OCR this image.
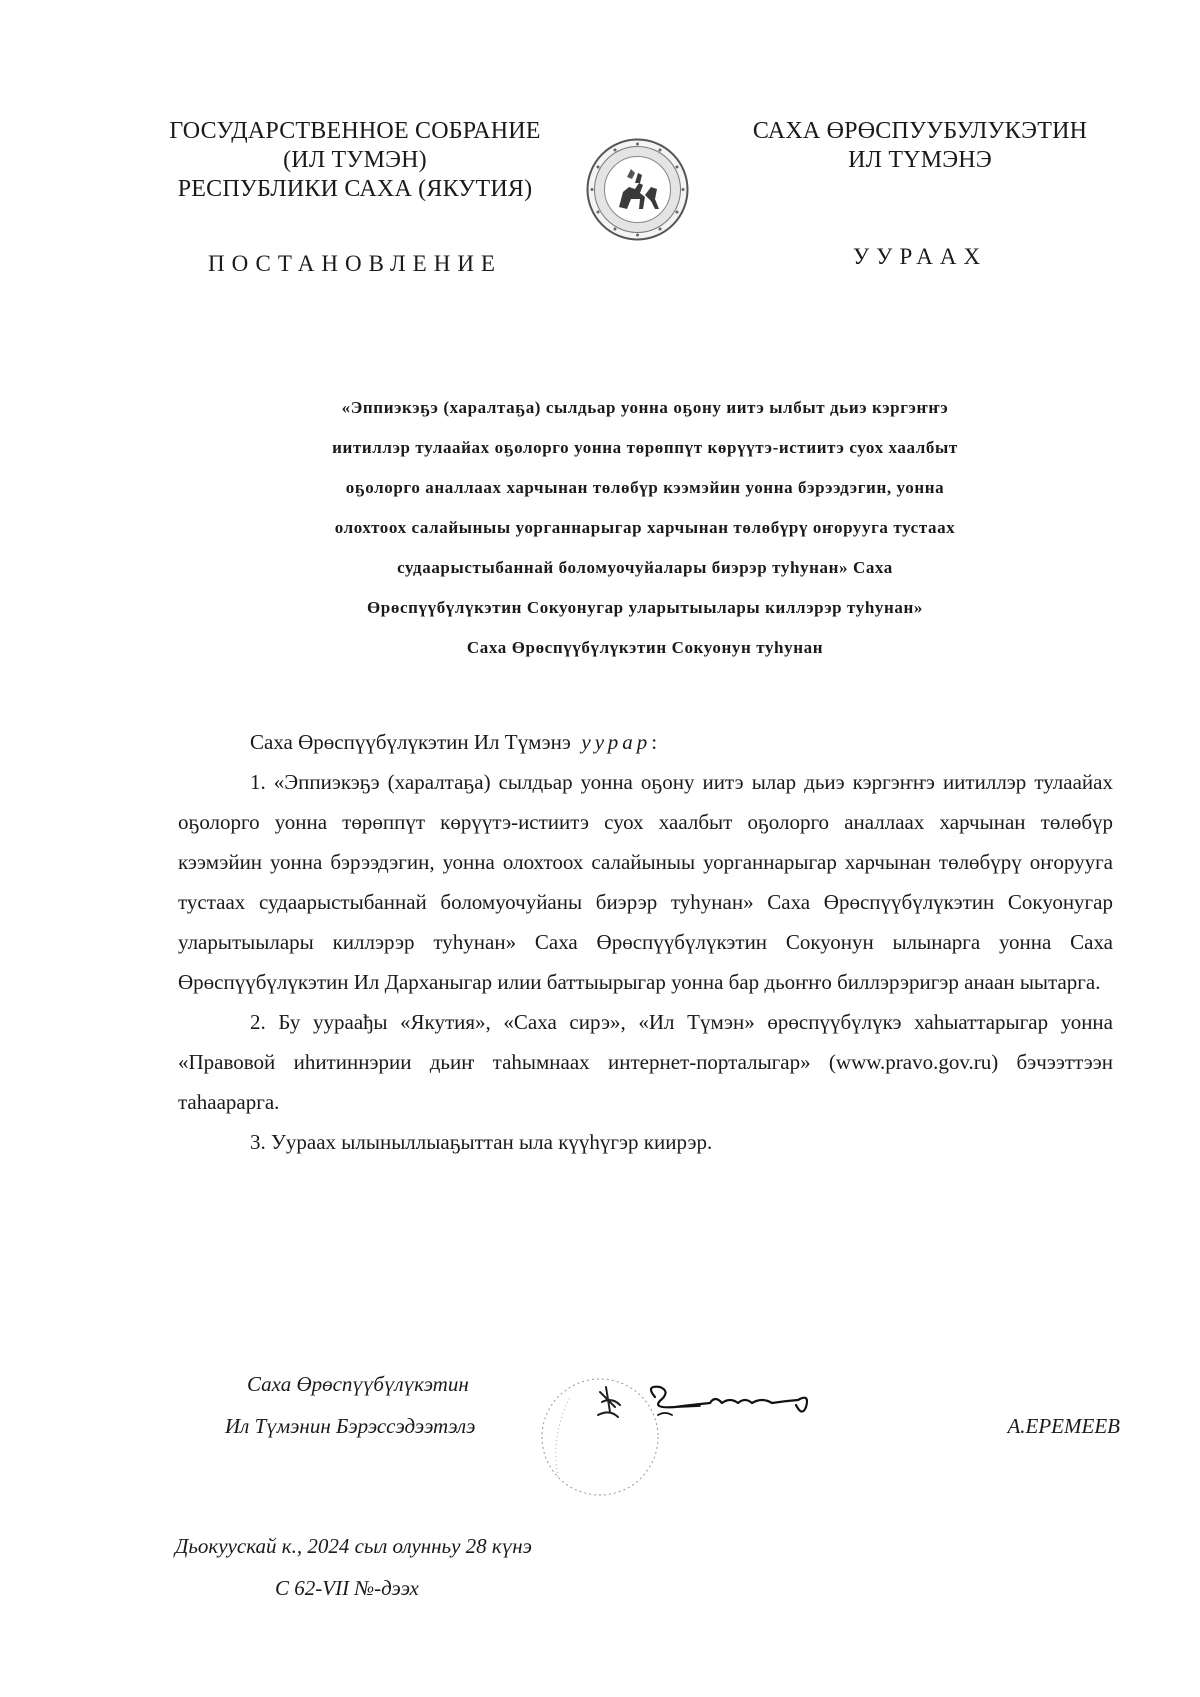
ГОСУДАРСТВЕННОЕ СОБРАНИЕ
(ИЛ ТУМЭН)
РЕСПУБЛИКИ САХА (ЯКУТИЯ)
САХА ӨРӨСПУУБУЛУКЭТИН
ИЛ ТҮМЭНЭ
ПОСТАНОВЛЕНИЕ	УУРААХ
«Эппиэкэҕэ (харалтаҕа) сылдьар уонна оҕону иитэ ылбыт дьиэ кэргэҥҥэ
иитиллэр тулаайах оҕолорго уонна төрөппүт көрүүтэ-истиитэ суох хаалбыт
оҕолорго аналлаах харчынан төлөбүр кээмэйин уонна бэрээдэгин, уонна
олохтоох салайыныы уорганнарыгар харчынан төлөбүрү оҥоруугa тустаах
судаарыстыбаннай боломуочуйалары биэрэр туһунан» Саха
Өрөспүүбүлүкэтин Сокуонугар уларытыылары киллэрэр туһунан»
Саха Өрөспүүбүлүкэтин Сокуонун туһунан

Саха Өрөспүүбүлүкэтин Ил Түмэнэ уурар:

1. «Эппиэкэҕэ (харалтаҕа) сылдьар уонна оҕону иитэ ылар дьиэ кэргэҥҥэ иитиллэр тулаайах оҕолорго уонна төрөппүт көрүүтэ-истиитэ суох хаалбыт оҕолорго аналлаах харчынан төлөбүр кээмэйин уонна бэрээдэгин, уонна олохтоох салайыныы уорганнарыгар харчынан төлөбүрү оҥорууга тустаах судаарыстыбаннай боломуочуйаны биэрэр туһунан» Саха Өрөспүүбүлүкэтин Сокуонугар уларытыылары киллэрэр туһунан» Саха Өрөспүүбүлүкэтин Сокуонун ылынарга уонна Саха Өрөспүүбүлүкэтин Ил Дарханыгар илии баттыырыгар уонна бар дьоҥҥо биллэрэригэр анаан ыытарга.

2. Бу уураађы «Якутия», «Саха сирэ», «Ил Түмэн» өрөспүүбүлүкэ хаһыаттарыгар уонна «Правовой иһитиннэрии дьиҥ таһымнаах интернет-порталыгар» (www.pravo.gov.ru) бэчээттээн таһаарарга.

3. Уураах ылыныллыаҕыттан ыла күүһүгэр киирэр.

Саха Өрөспүүбүлүкэтин
Ил Түмэнин Бэрэссэдээтэлэ	А.ЕРЕМЕЕВ
Дьокуускай к., 2024 сыл олунньу 28 күнэ
С 62-VII №-дээх
